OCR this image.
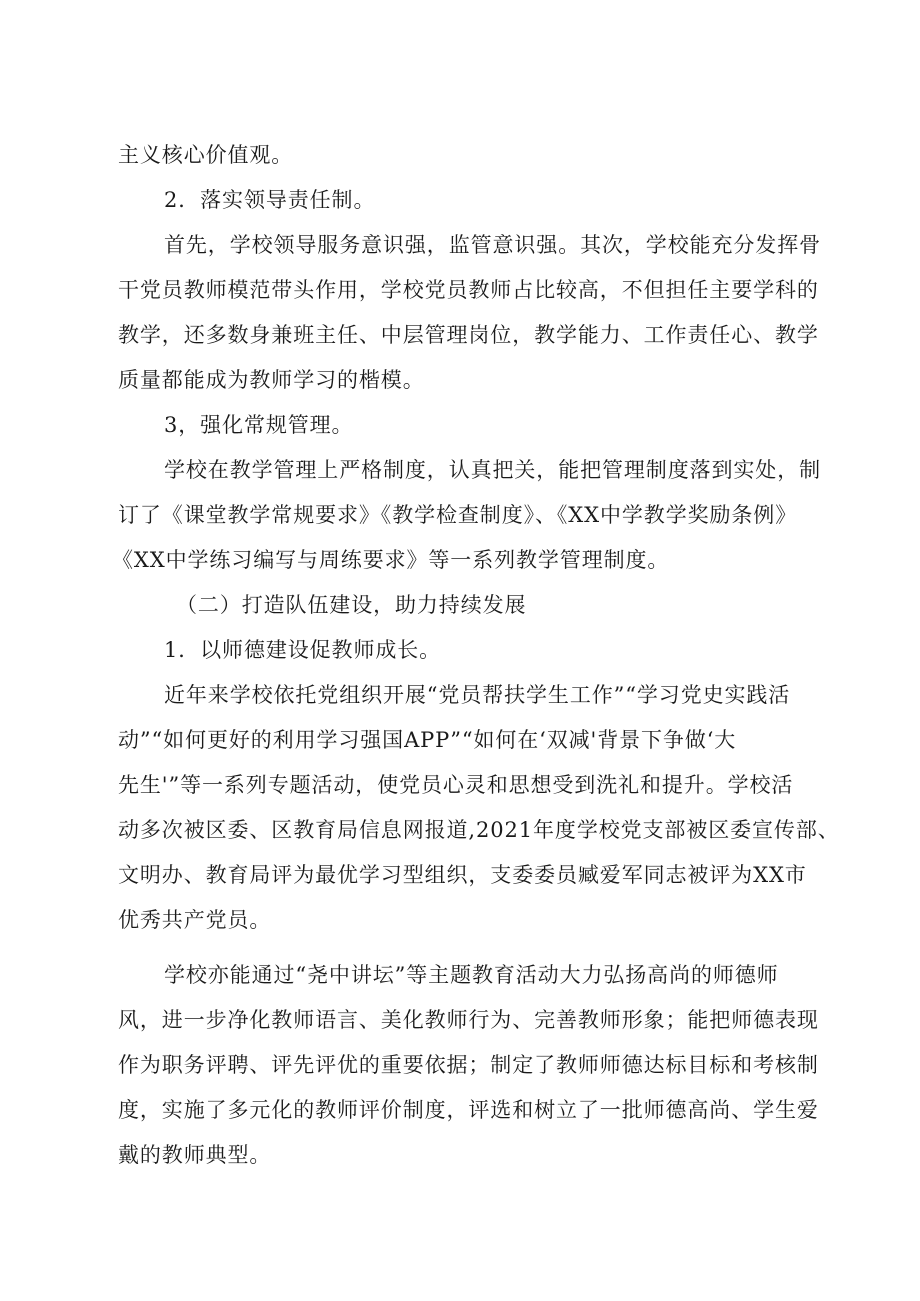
主义核心价值观。
2．落实领导责任制。
首先，学校领导服务意识强，监管意识强。其次，学校能充分发挥骨
干党员教师模范带头作用，学校党员教师占比较高，不但担任主要学科的
教学，还多数身兼班主任、中层管理岗位，教学能力、工作责任心、教学
质量都能成为教师学习的楷模。
3，强化常规管理。
学校在教学管理上严格制度，认真把关，能把管理制度落到实处，制
订了《课堂教学常规要求》《教学检查制度》、《XX中学教学奖励条例》
《XX中学练习编写与周练要求》等一系列教学管理制度。
（二）打造队伍建设，助力持续发展
1．以师德建设促教师成长。
近年来学校依托党组织开展“党员帮扶学生工作”“学习党史实践活
动”“如何更好的利用学习强国APP”“如何在‘双减'背景下争做‘大
先生'”等一系列专题活动，使党员心灵和思想受到洗礼和提升。学校活
动多次被区委、区教育局信息网报道,2021年度学校党支部被区委宣传部、
文明办、教育局评为最优学习型组织，支委委员臧爱军同志被评为XX市
优秀共产党员。
学校亦能通过“尧中讲坛”等主题教育活动大力弘扬高尚的师德师
风，进一步净化教师语言、美化教师行为、完善教师形象；能把师德表现
作为职务评聘、评先评优的重要依据；制定了教师师德达标目标和考核制
度，实施了多元化的教师评价制度，评选和树立了一批师德高尚、学生爱
戴的教师典型。
